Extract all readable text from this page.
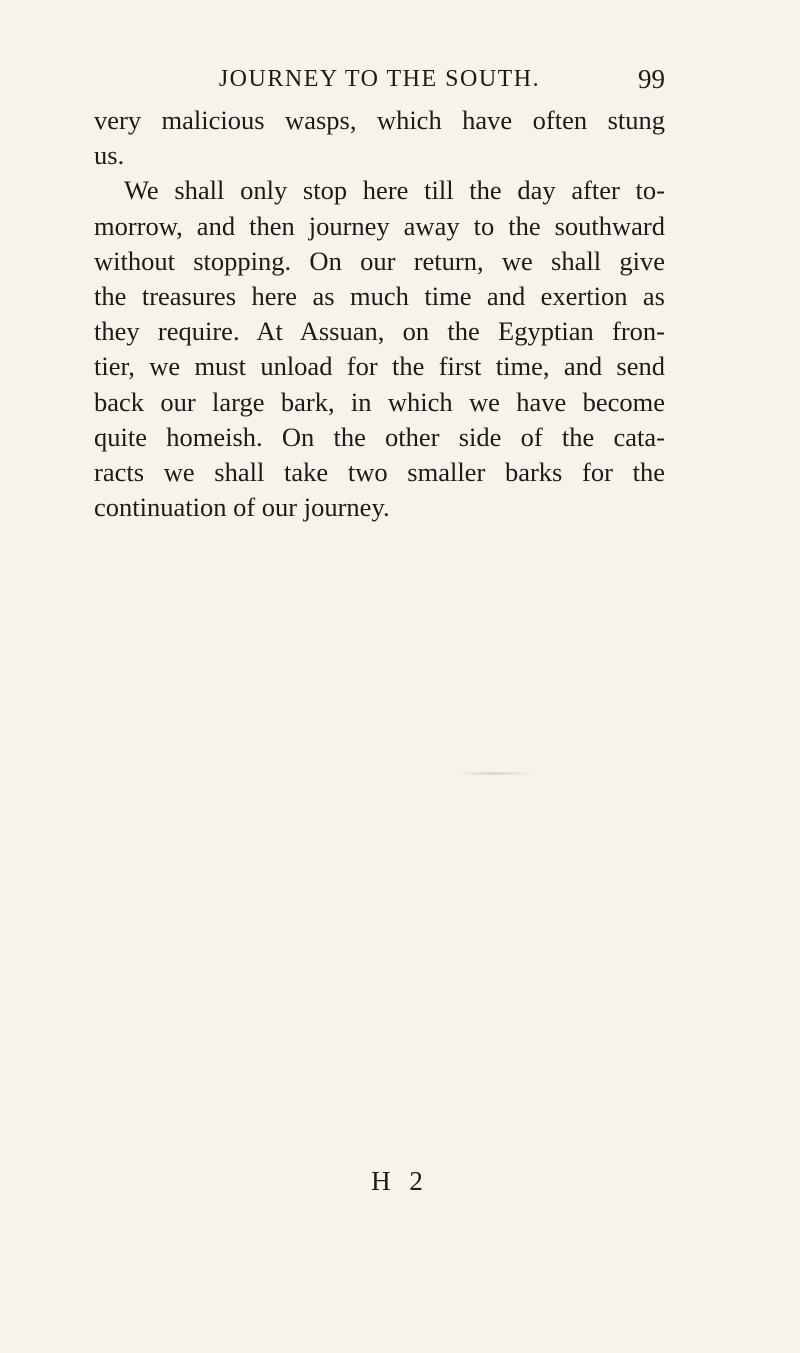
JOURNEY TO THE SOUTH.	99
very malicious wasps, which have often stung
us.
We shall only stop here till the day after to-
morrow, and then journey away to the southward
without stopping. On our return, we shall give
the treasures here as much time and exertion as
they require. At Assuan, on the Egyptian fron-
tier, we must unload for the first time, and send
back our large bark, in which we have become
quite homeish. On the other side of the cata-
racts we shall take two smaller barks for the
continuation of our journey.
H 2
